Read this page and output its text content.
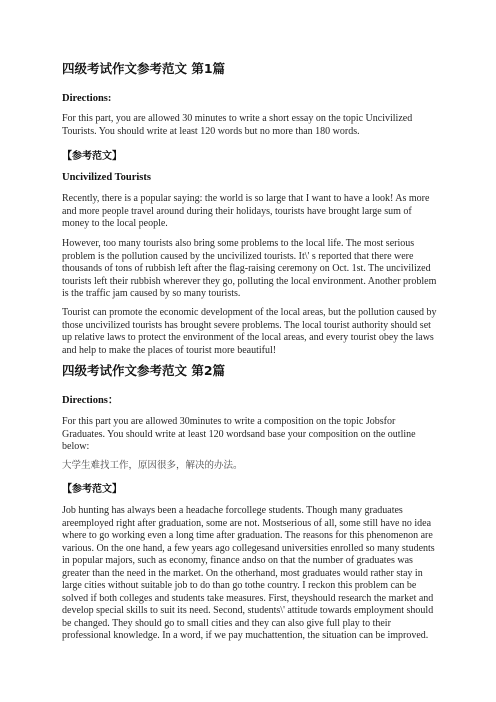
四级考试作文参考范文 第1篇
Directions:

For this part, you are allowed 30 minutes to write a short essay on the topic Uncivilized Tourists. You should write at least 120 words but no more than 180 words.

【参考范文】
Uncivilized Tourists

Recently, there is a popular saying: the world is so large that I want to have a look! As more and more people travel around during their holidays, tourists have brought large sum of money to the local people.

However, too many tourists also bring some problems to the local life. The most serious problem is the pollution caused by the uncivilized tourists. It\' s reported that there were thousands of tons of rubbish left after the flag-raising ceremony on Oct. 1st. The uncivilized tourists left their rubbish wherever they go, polluting the local environment. Another problem is the traffic jam caused by so many tourists.

Tourist can promote the economic development of the local areas, but the pollution caused by those uncivilized tourists has brought severe problems. The local tourist authority should set up relative laws to protect the environment of the local areas, and every tourist obey the laws and help to make the places of tourist more beautiful!

四级考试作文参考范文 第2篇
Directions：

For this part you are allowed 30minutes to write a composition on the topic Jobsfor Graduates. You should write at least 120 wordsand base your composition on the outline below:

大学生难找工作，原因很多，解决的办法。

【参考范文】

Job hunting has always been a headache forcollege students. Though many graduates areemployed right after graduation, some are not. Mostserious of all, some still have no idea where to go working even a long time after graduation. The reasons for this phenomenon are various. On the one hand, a few years ago collegesand universities enrolled so many students in popular majors, such as economy, finance andso on that the number of graduates was greater than the need in the market. On the otherhand, most graduates would rather stay in large cities without suitable job to do than go tothe country. I reckon this problem can be solved if both colleges and students take measures. First, theyshould research the market and develop special skills to suit its need. Second, students\' attitude towards employment should be changed. They should go to small cities and they can also give full play to their professional knowledge. In a word, if we pay muchattention, the situation can be improved.
